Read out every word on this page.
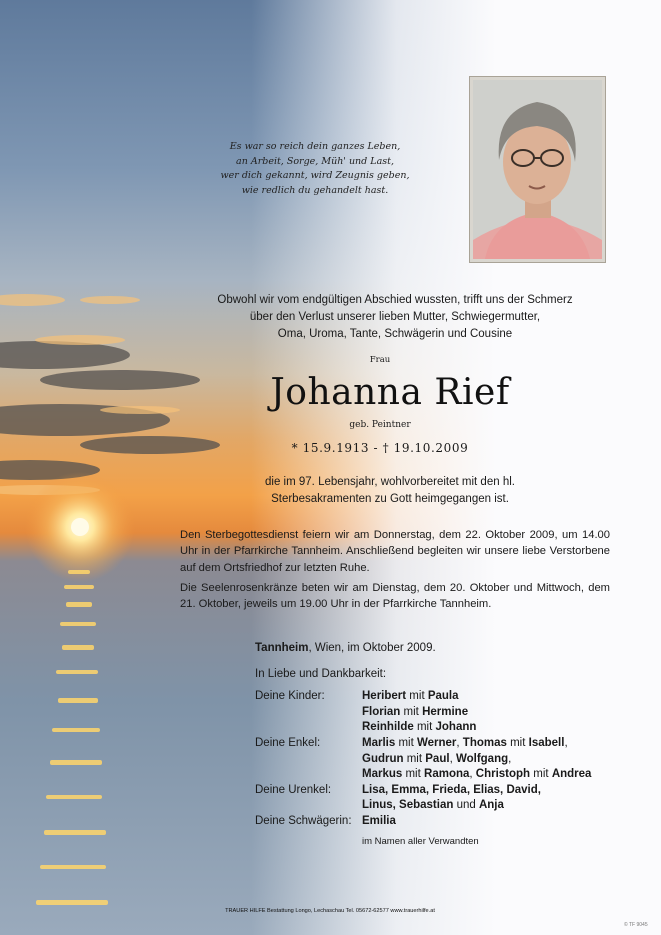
Es war so reich dein ganzes Leben,
an Arbeit, Sorge, Müh' und Last,
wer dich gekannt, wird Zeugnis geben,
wie redlich du gehandelt hast.
Obwohl wir vom endgültigen Abschied wussten, trifft uns der Schmerz
über den Verlust unserer lieben Mutter, Schwiegermutter,
Oma, Uroma, Tante, Schwägerin und Cousine
Frau
Johanna Rief
geb. Peintner
* 15.9.1913 - † 19.10.2009
die im 97. Lebensjahr, wohlvorbereitet mit den hl.
Sterbesakramenten zu Gott heimgegangen ist.
Den Sterbegottesdienst feiern wir am Donnerstag, dem 22. Oktober 2009, um 14.00 Uhr in der Pfarrkirche Tannheim. Anschließend begleiten wir unsere liebe Verstorbene auf dem Ortsfriedhof zur letzten Ruhe.
Die Seelenrosenkränze beten wir am Dienstag, dem 20. Oktober und Mittwoch, dem 21. Oktober, jeweils um 19.00 Uhr in der Pfarrkirche Tannheim.
Tannheim, Wien, im Oktober 2009.
In Liebe und Dankbarkeit:
Deine Kinder:	Heribert mit Paula
Florian mit Hermine
Reinhilde mit Johann
Deine Enkel:	Marlis mit Werner, Thomas mit Isabell,
Gudrun mit Paul, Wolfgang,
Markus mit Ramona, Christoph mit Andrea
Deine Urenkel:	Lisa, Emma, Frieda, Elias, David,
Linus, Sebastian und Anja
Deine Schwägerin: Emilia
im Namen aller Verwandten
TRAUER HILFE Bestattung Longo, Lechaschau Tel. 05672-62577 www.trauerhilfe.at
© TF 9045
